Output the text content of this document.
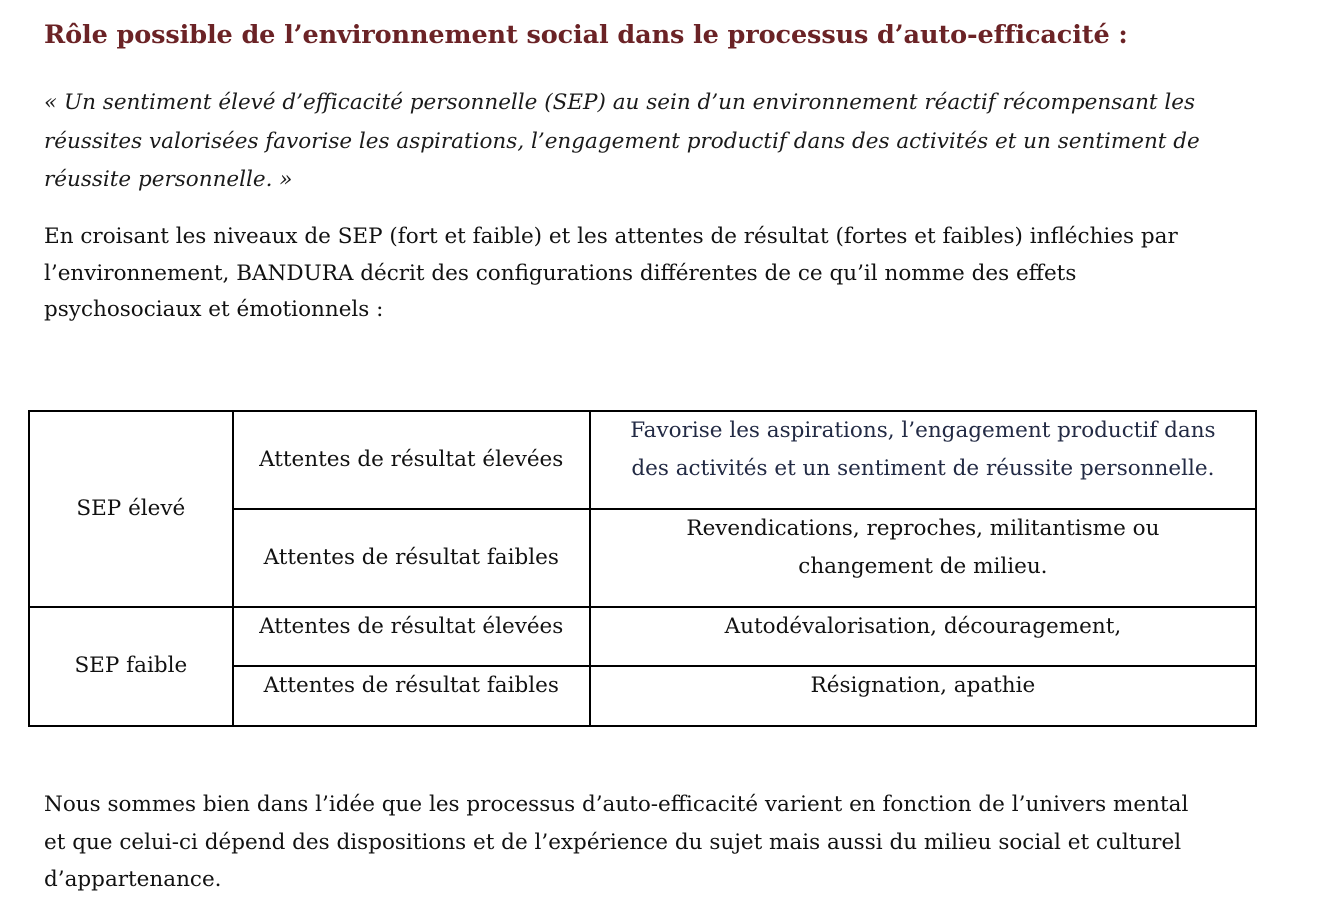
Rôle possible de l’environnement social dans le processus d’auto-efficacité :

« Un sentiment élevé d’efficacité personnelle (SEP) au sein d’un environnement réactif récompensant les
réussites valorisées favorise les aspirations, l’engagement productif dans des activités et un sentiment de
réussite personnelle. »

En croisant les niveaux de SEP (fort et faible) et les attentes de résultat (fortes et faibles) infléchies par
l’environnement, BANDURA décrit des configurations différentes de ce qu’il nomme des effets
psychosociaux et émotionnels :

SEP élevé	Attentes de résultat élevées	Favorise les aspirations, l’engagement productif dans
des activités et un sentiment de réussite personnelle.

	Attentes de résultat faibles	Revendications, reproches, militantisme ou
changement de milieu.

SEP faible	Attentes de résultat élevées	Autodévalorisation, découragement,

	Attentes de résultat faibles	Résignation, apathie

Nous sommes bien dans l’idée que les processus d’auto-efficacité varient en fonction de l’univers mental
et que celui-ci dépend des dispositions et de l’expérience du sujet mais aussi du milieu social et culturel
d’appartenance.
